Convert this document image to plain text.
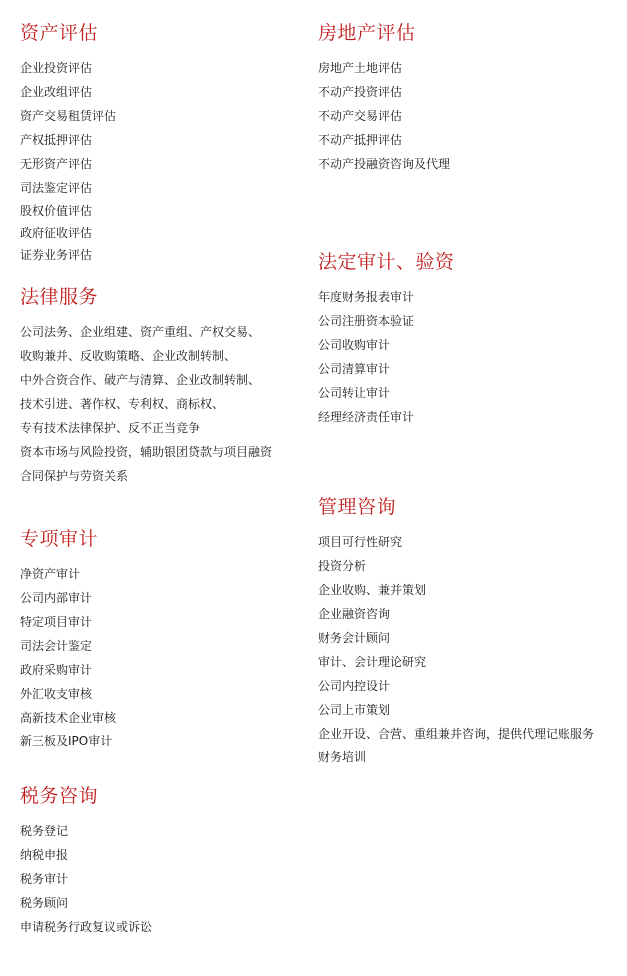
资产评估
企业投资评估
企业改组评估
资产交易租赁评估
产权抵押评估
无形资产评估
司法鉴定评估
股权价值评估
政府征收评估
证券业务评估
房地产评估
房地产土地评估
不动产投资评估
不动产交易评估
不动产抵押评估
不动产投融资咨询及代理
法律服务
公司法务、企业组建、资产重组、产权交易、
收购兼并、反收购策略、企业改制转制、
中外合资合作、破产与清算、企业改制转制、
技术引进、著作权、专利权、商标权、
专有技术法律保护、反不正当竞争
资本市场与风险投资，辅助银团贷款与项目融资
合同保护与劳资关系
法定审计、验资
年度财务报表审计
公司注册资本验证
公司收购审计
公司清算审计
公司转让审计
经理经济责任审计
专项审计
净资产审计
公司内部审计
特定项目审计
司法会计鉴定
政府采购审计
外汇收支审核
高新技术企业审核
新三板及IPO审计
管理咨询
项目可行性研究
投资分析
企业收购、兼并策划
企业融资咨询
财务会计顾问
审计、会计理论研究
公司内控设计
公司上市策划
企业开设、合营、重组兼并咨询，提供代理记账服务
财务培训
税务咨询
税务登记
纳税申报
税务审计
税务顾问
申请税务行政复议或诉讼
